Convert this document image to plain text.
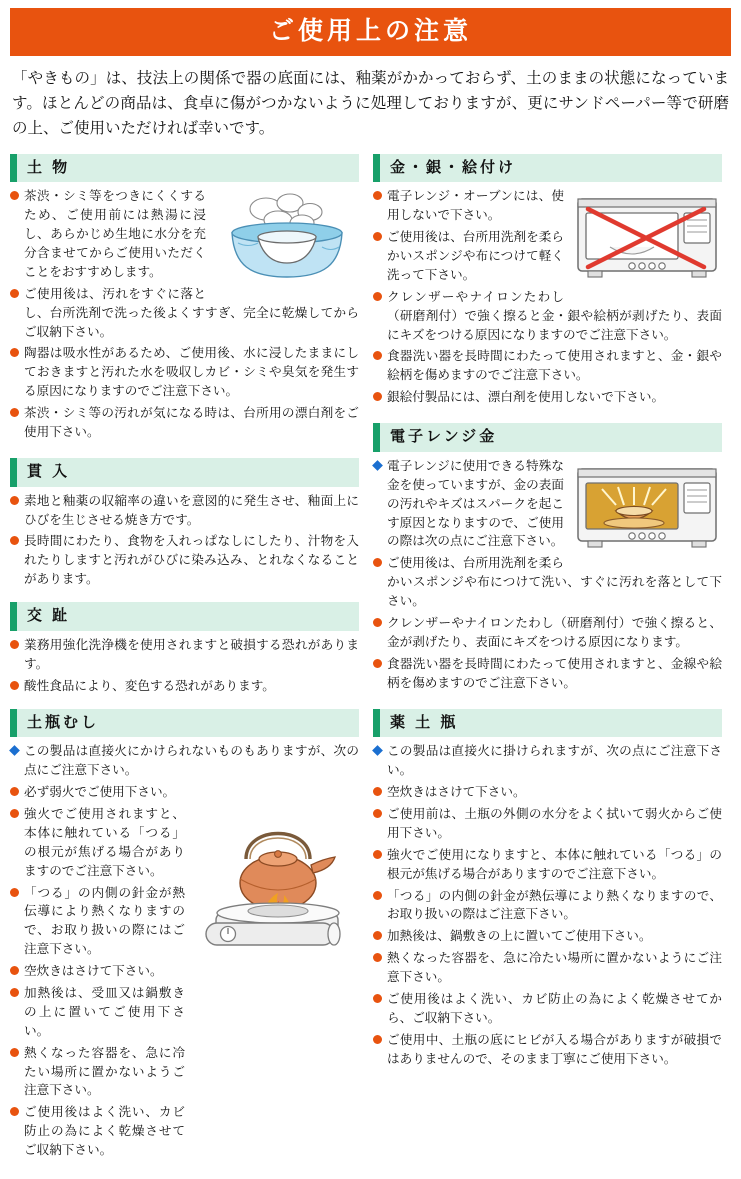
ご使用上の注意

「やきもの」は、技法上の関係で器の底面には、釉薬がかかっておらず、土のままの状態になっています。ほとんどの商品は、食卓に傷がつかないように処理しておりますが、更にサンドペーパー等で研磨の上、ご使用いただければ幸いです。

土 物
茶渋・シミ等をつきにくくするため、ご使用前には熱湯に浸し、あらかじめ生地に水分を充分含ませてからご使用いただくことをおすすめします。
ご使用後は、汚れをすぐに落とし、台所洗剤で洗った後よくすすぎ、完全に乾燥してからご収納下さい。
陶器は吸水性があるため、ご使用後、水に浸したままにしておきますと汚れた水を吸収しカビ・シミや臭気を発生する原因になりますのでご注意下さい。
茶渋・シミ等の汚れが気になる時は、台所用の漂白剤をご使用下さい。
貫 入
素地と釉薬の収縮率の違いを意図的に発生させ、釉面上にひびを生じさせる焼き方です。
長時間にわたり、食物を入れっぱなしにしたり、汁物を入れたりしますと汚れがひびに染み込み、とれなくなることがあります。
交 趾
業務用強化洗浄機を使用されますと破損する恐れがあります。
酸性食品により、変色する恐れがあります。
土瓶むし
この製品は直接火にかけられないものもありますが、次の点にご注意下さい。
必ず弱火でご使用下さい。
強火でご使用されますと、本体に触れている「つる」の根元が焦げる場合がありますのでご注意下さい。
「つる」の内側の針金が熱伝導により熱くなりますので、お取り扱いの際にはご注意下さい。
空炊きはさけて下さい。
加熱後は、受皿又は鍋敷きの上に置いてご使用下さい。
熱くなった容器を、急に冷たい場所に置かないようご注意下さい。
ご使用後はよく洗い、カビ防止の為によく乾燥させてご収納下さい。
金・銀・絵付け
電子レンジ・オーブンには、使用しないで下さい。
ご使用後は、台所用洗剤を柔らかいスポンジや布につけて軽く洗って下さい。
クレンザーやナイロンたわし（研磨剤付）で強く擦ると金・銀や絵柄が剥げたり、表面にキズをつける原因になりますのでご注意下さい。
食器洗い器を長時間にわたって使用されますと、金・銀や絵柄を傷めますのでご注意下さい。
銀絵付製品には、漂白剤を使用しないで下さい。
電子レンジ金
電子レンジに使用できる特殊な金を使っていますが、金の表面の汚れやキズはスパークを起こす原因となりますので、ご使用の際は次の点にご注意下さい。
ご使用後は、台所用洗剤を柔らかいスポンジや布につけて洗い、すぐに汚れを落として下さい。
クレンザーやナイロンたわし（研磨剤付）で強く擦ると、金が剥げたり、表面にキズをつける原因になります。
食器洗い器を長時間にわたって使用されますと、金線や絵柄を傷めますのでご注意下さい。
薬 土 瓶
この製品は直接火に掛けられますが、次の点にご注意下さい。
空炊きはさけて下さい。
ご使用前は、土瓶の外側の水分をよく拭いて弱火からご使用下さい。
強火でご使用になりますと、本体に触れている「つる」の根元が焦げる場合がありますのでご注意下さい。
「つる」の内側の針金が熱伝導により熱くなりますので、お取り扱いの際はご注意下さい。
加熱後は、鍋敷きの上に置いてご使用下さい。
熱くなった容器を、急に冷たい場所に置かないようにご注意下さい。
ご使用後はよく洗い、カビ防止の為によく乾燥させてから、ご収納下さい。
ご使用中、土瓶の底にヒビが入る場合がありますが破損ではありませんので、そのまま丁寧にご使用下さい。
